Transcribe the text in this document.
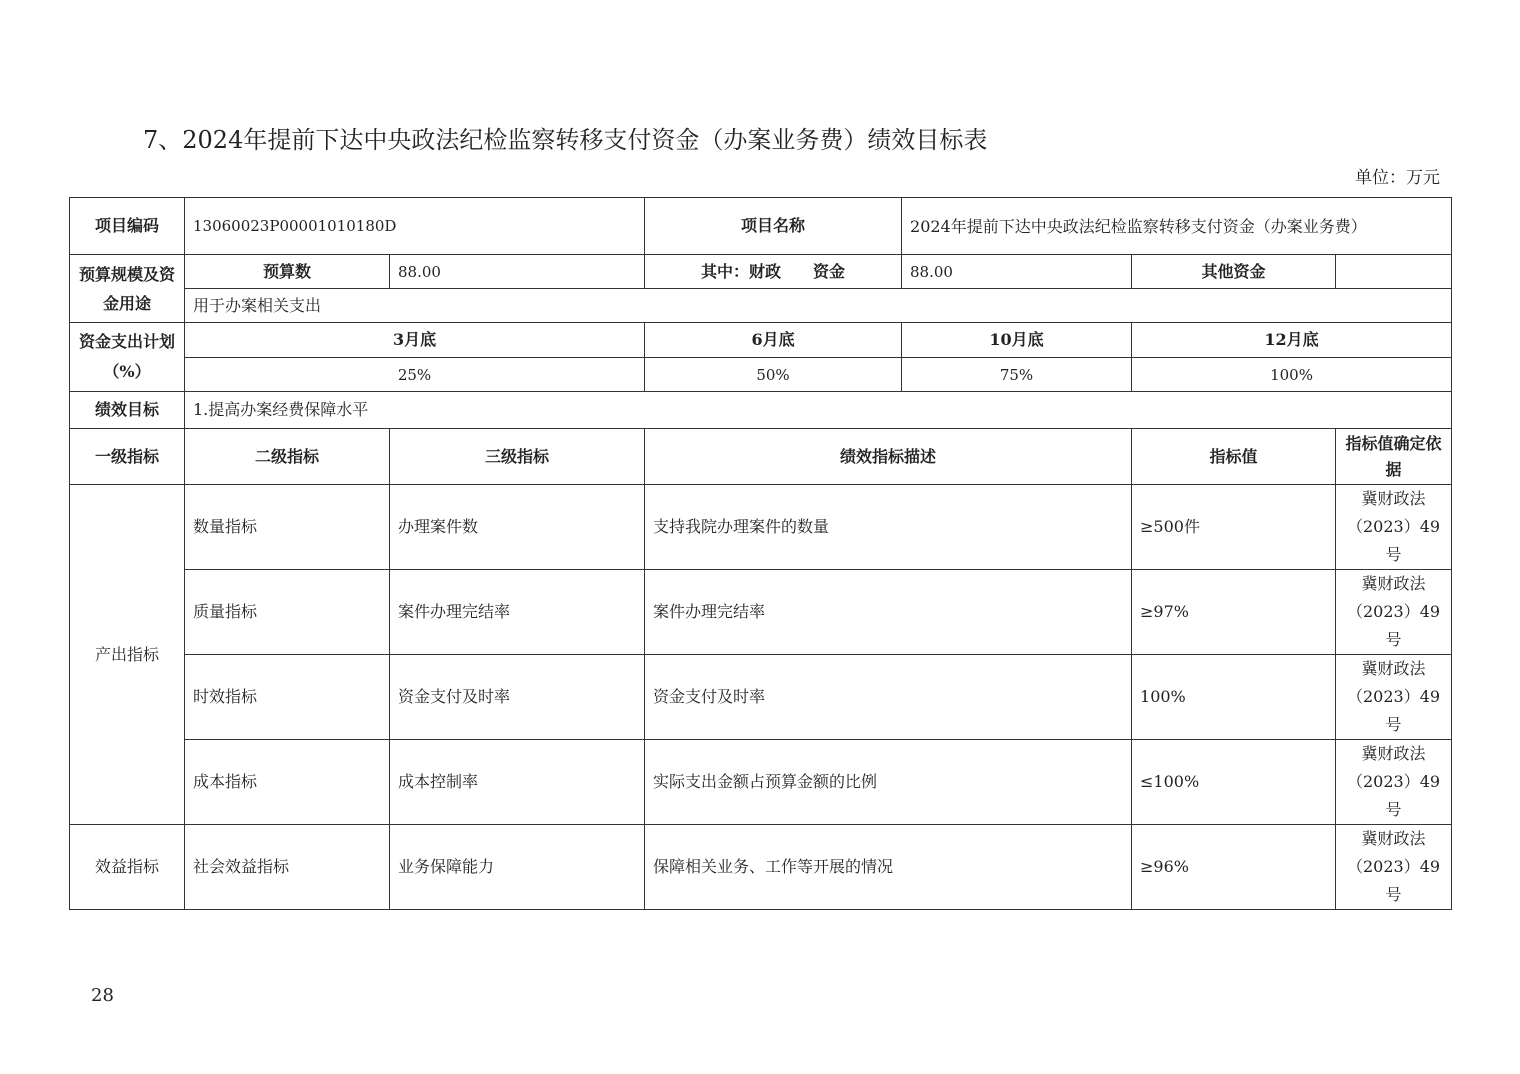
7、2024年提前下达中央政法纪检监察转移支付资金（办案业务费）绩效目标表
单位：万元
项目编码	13060023P00001010180D		项目名称	2024年提前下达中央政法纪检监察转移支付资金（办案业务费）		
预算规模及资金用途	预算数	88.00	其中：财政　　资金	88.00	其他资金	
	用于办案相关支出					
资金支出计划（%）	3月底		6月底	10月底	12月底	
	25%		50%	75%	100%	
绩效目标	1.提高办案经费保障水平					
一级指标	二级指标	三级指标	绩效指标描述		指标值	指标值确定依据
产出指标	数量指标	办理案件数	支持我院办理案件的数量		≥500件	冀财政法（2023）49号
	质量指标	案件办理完结率	案件办理完结率		≥97%	冀财政法（2023）49号
	时效指标	资金支付及时率	资金支付及时率		100%	冀财政法（2023）49号
	成本指标	成本控制率	实际支出金额占预算金额的比例		≤100%	冀财政法（2023）49号
效益指标	社会效益指标	业务保障能力	保障相关业务、工作等开展的情况		≥96%	冀财政法（2023）49号
28
